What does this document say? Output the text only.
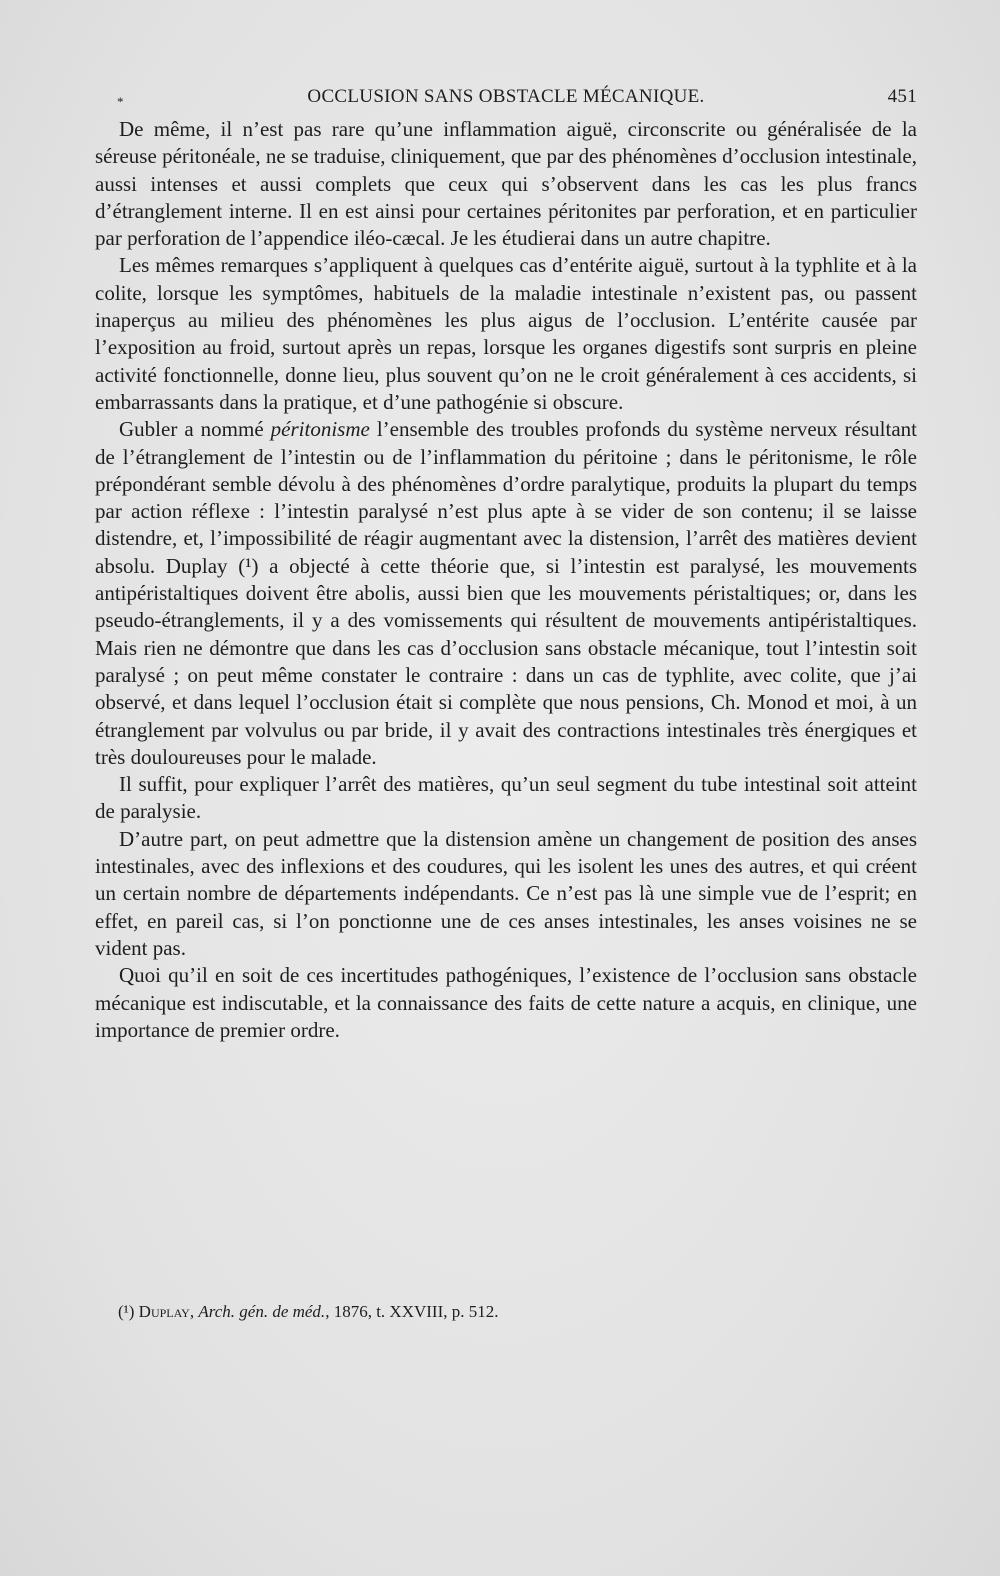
*	OCCLUSION SANS OBSTACLE MÉCANIQUE.	451

De même, il n’est pas rare qu’une inflammation aiguë, circonscrite ou généralisée de la séreuse péritonéale, ne se traduise, cliniquement, que par des phénomènes d’occlusion intestinale, aussi intenses et aussi complets que ceux qui s’observent dans les cas les plus francs d’étranglement interne. Il en est ainsi pour certaines péritonites par perforation, et en particulier par perforation de l’appendice iléo-cæcal. Je les étudierai dans un autre chapitre.

Les mêmes remarques s’appliquent à quelques cas d’entérite aiguë, surtout à la typhlite et à la colite, lorsque les symptômes, habituels de la maladie intestinale n’existent pas, ou passent inaperçus au milieu des phénomènes les plus aigus de l’occlusion. L’entérite causée par l’exposition au froid, surtout après un repas, lorsque les organes digestifs sont surpris en pleine activité fonctionnelle, donne lieu, plus souvent qu’on ne le croit généralement à ces accidents, si embarrassants dans la pratique, et d’une pathogénie si obscure.

Gubler a nommé péritonisme l’ensemble des troubles profonds du système nerveux résultant de l’étranglement de l’intestin ou de l’inflammation du péritoine ; dans le péritonisme, le rôle prépondérant semble dévolu à des phénomènes d’ordre paralytique, produits la plupart du temps par action réflexe : l’intestin paralysé n’est plus apte à se vider de son contenu; il se laisse distendre, et, l’impossibilité de réagir augmentant avec la distension, l’arrêt des matières devient absolu. Duplay (¹) a objecté à cette théorie que, si l’intestin est paralysé, les mouvements antipéristaltiques doivent être abolis, aussi bien que les mouvements péristaltiques; or, dans les pseudo-étranglements, il y a des vomissements qui résultent de mouvements antipéristaltiques. Mais rien ne démontre que dans les cas d’occlusion sans obstacle mécanique, tout l’intestin soit paralysé ; on peut même constater le contraire : dans un cas de typhlite, avec colite, que j’ai observé, et dans lequel l’occlusion était si complète que nous pensions, Ch. Monod et moi, à un étranglement par volvulus ou par bride, il y avait des contractions intestinales très énergiques et très douloureuses pour le malade.

Il suffit, pour expliquer l’arrêt des matières, qu’un seul segment du tube intestinal soit atteint de paralysie.

D’autre part, on peut admettre que la distension amène un changement de position des anses intestinales, avec des inflexions et des coudures, qui les isolent les unes des autres, et qui créent un certain nombre de départements indépendants. Ce n’est pas là une simple vue de l’esprit; en effet, en pareil cas, si l’on ponctionne une de ces anses intestinales, les anses voisines ne se vident pas.

Quoi qu’il en soit de ces incertitudes pathogéniques, l’existence de l’occlusion sans obstacle mécanique est indiscutable, et la connaissance des faits de cette nature a acquis, en clinique, une importance de premier ordre.

(¹) Duplay, Arch. gén. de méd., 1876, t. XXVIII, p. 512.
